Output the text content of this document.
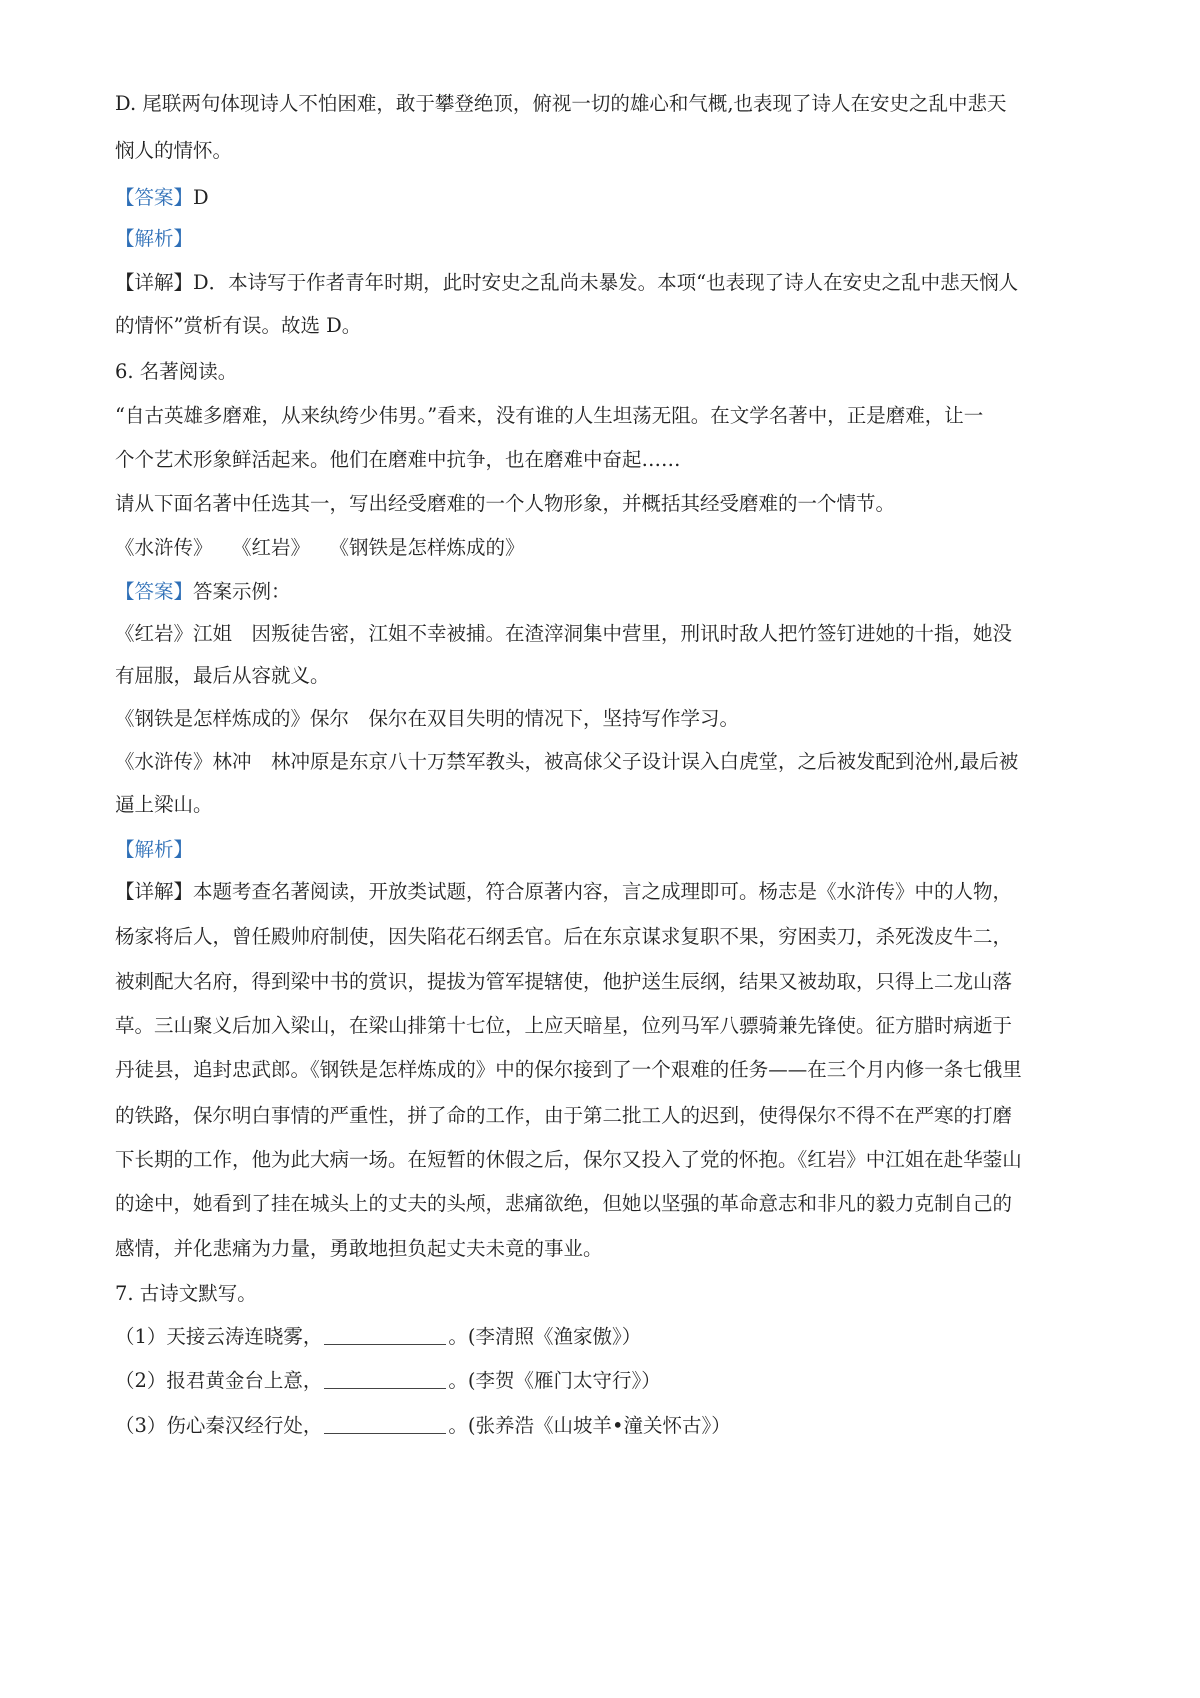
D. 尾联两句体现诗人不怕困难，敢于攀登绝顶，俯视一切的雄心和气概,也表现了诗人在安史之乱中悲天
悯人的情怀。
【答案】D
【解析】
【详解】D．本诗写于作者青年时期，此时安史之乱尚未暴发。本项“也表现了诗人在安史之乱中悲天悯人
的情怀”赏析有误。故选 D。
6. 名著阅读。
“自古英雄多磨难，从来纨绔少伟男。”看来，没有谁的人生坦荡无阻。在文学名著中，正是磨难，让一
个个艺术形象鲜活起来。他们在磨难中抗争，也在磨难中奋起……
请从下面名著中任选其一，写出经受磨难的一个人物形象，并概括其经受磨难的一个情节。
《水浒传》　　《红岩》　　《钢铁是怎样炼成的》
【答案】答案示例：
《红岩》江姐　因叛徒告密，江姐不幸被捕。在渣滓洞集中营里，刑讯时敌人把竹签钉进她的十指，她没
有屈服，最后从容就义。
《钢铁是怎样炼成的》保尔　保尔在双目失明的情况下，坚持写作学习。
《水浒传》林冲　林冲原是东京八十万禁军教头，被高俅父子设计误入白虎堂，之后被发配到沧州,最后被
逼上梁山。
【解析】
【详解】本题考查名著阅读，开放类试题，符合原著内容，言之成理即可。杨志是《水浒传》中的人物，
杨家将后人，曾任殿帅府制使，因失陷花石纲丢官。后在东京谋求复职不果，穷困卖刀，杀死泼皮牛二，
被刺配大名府，得到梁中书的赏识，提拔为管军提辖使，他护送生辰纲，结果又被劫取，只得上二龙山落
草。三山聚义后加入梁山，在梁山排第十七位，上应天暗星，位列马军八骠骑兼先锋使。征方腊时病逝于
丹徒县，追封忠武郎。《钢铁是怎样炼成的》中的保尔接到了一个艰难的任务——在三个月内修一条七俄里
的铁路，保尔明白事情的严重性，拼了命的工作，由于第二批工人的迟到，使得保尔不得不在严寒的打磨
下长期的工作，他为此大病一场。在短暂的休假之后，保尔又投入了党的怀抱。《红岩》中江姐在赴华蓥山
的途中，她看到了挂在城头上的丈夫的头颅，悲痛欲绝，但她以坚强的革命意志和非凡的毅力克制自己的
感情，并化悲痛为力量，勇敢地担负起丈夫未竟的事业。
7. 古诗文默写。
（1）天接云涛连晓雾，	。(李清照《渔家傲》）
（2）报君黄金台上意，	。(李贺《雁门太守行》）
（3）伤心秦汉经行处，	。(张养浩《山坡羊•潼关怀古》）
